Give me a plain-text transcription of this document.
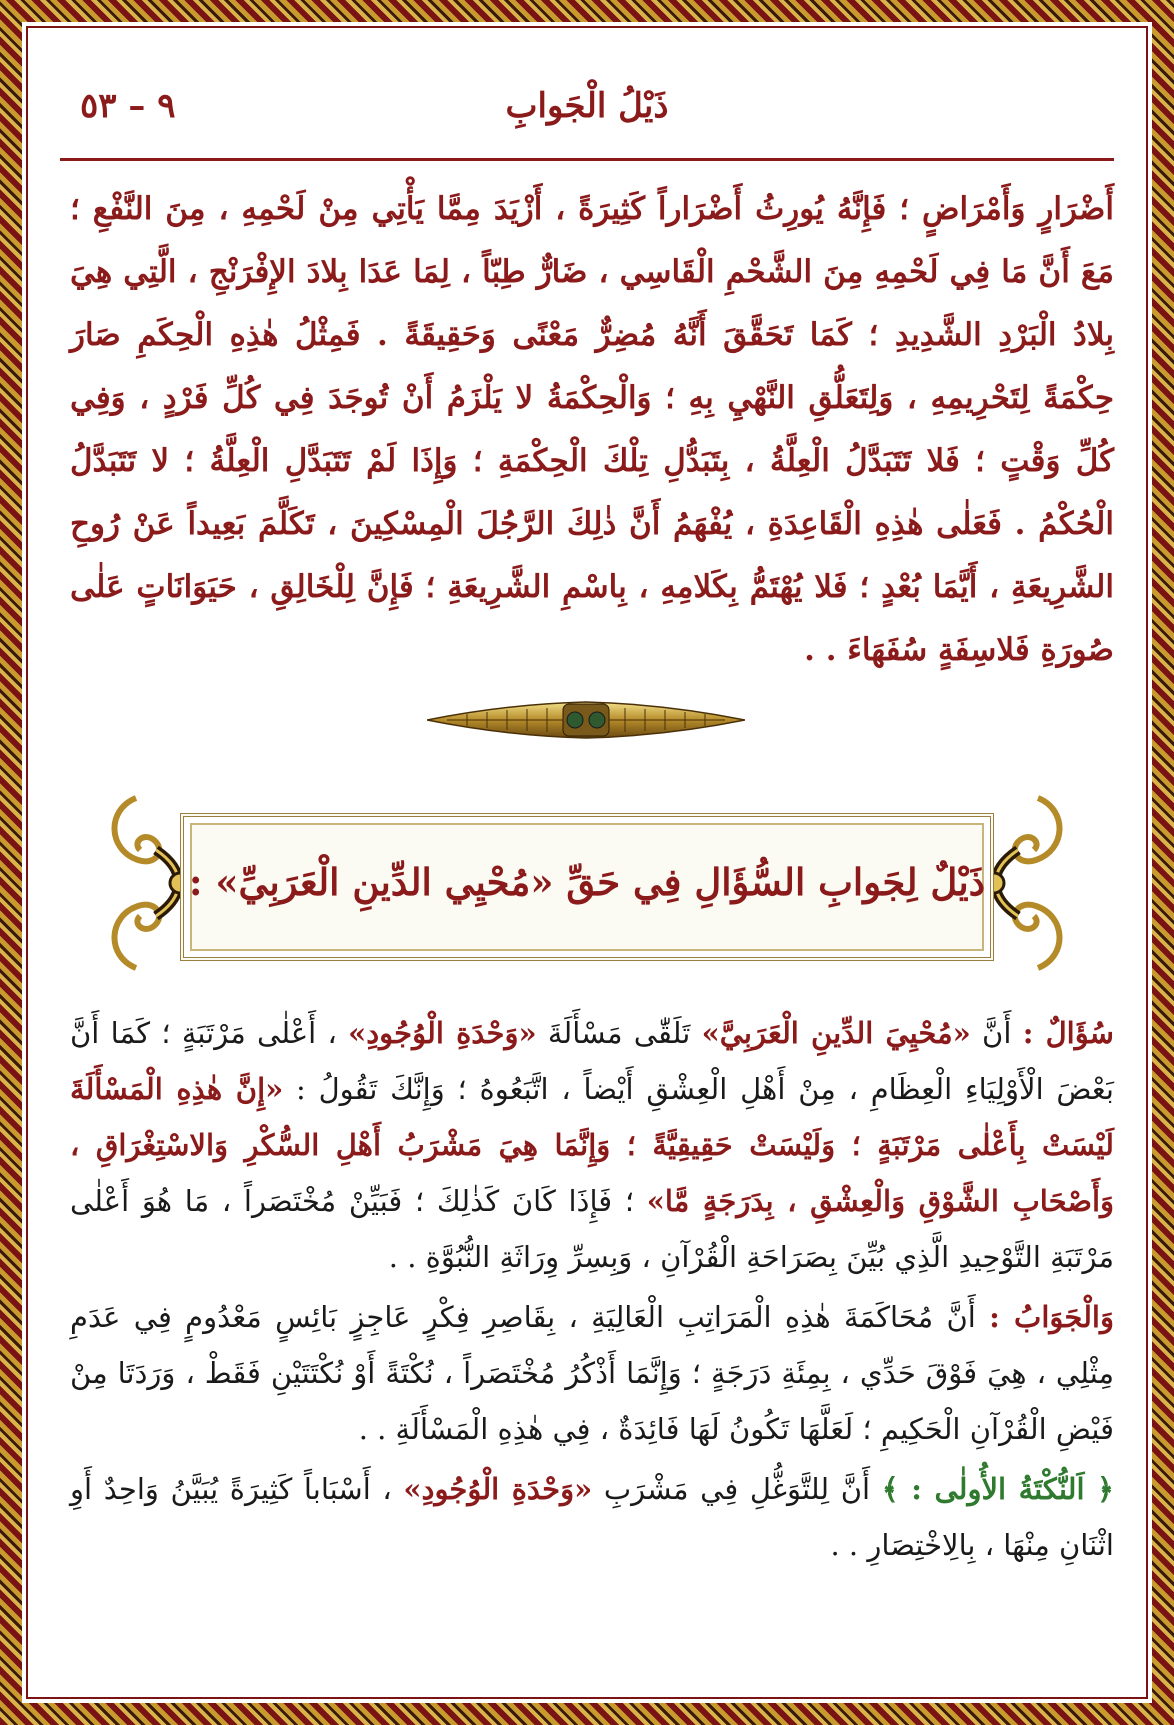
ذَيْلُ الْجَوابِ
٩ – ٥٣
أَضْرَارٍ وَأَمْرَاضٍ ؛ فَإِنَّهُ يُورِثُ أَضْرَاراً كَثِيرَةً ، أَزْيَدَ مِمَّا يَأْتِي مِنْ لَحْمِهِ ، مِنَ النَّفْعِ ؛ مَعَ أَنَّ مَا فِي لَحْمِهِ مِنَ الشَّحْمِ الْقَاسِي ، ضَارٌّ طِبّاً ، لِمَا عَدَا بِلادَ الإِفْرَنْجِ ، الَّتِي هِيَ بِلادُ الْبَرْدِ الشَّدِيدِ ؛ كَمَا تَحَقَّقَ أَنَّهُ مُضِرٌّ مَعْنًى وَحَقِيقَةً . فَمِثْلُ هٰذِهِ الْحِكَمِ صَارَ حِكْمَةً لِتَحْرِيمِهِ ، وَلِتَعَلُّقِ النَّهْيِ بِهِ ؛ وَالْحِكْمَةُ لا يَلْزَمُ أَنْ تُوجَدَ فِي كُلِّ فَرْدٍ ، وَفِي كُلِّ وَقْتٍ ؛ فَلا تَتَبَدَّلُ الْعِلَّةُ ، بِتَبَدُّلِ تِلْكَ الْحِكْمَةِ ؛ وَإِذَا لَمْ تَتَبَدَّلِ الْعِلَّةُ ؛ لا تَتَبَدَّلُ الْحُكْمُ . فَعَلٰى هٰذِهِ الْقَاعِدَةِ ، يُفْهَمُ أَنَّ ذٰلِكَ الرَّجُلَ الْمِسْكِينَ ، تَكَلَّمَ بَعِيداً عَنْ رُوحِ الشَّرِيعَةِ ، أَيَّمَا بُعْدٍ ؛ فَلا يُهْتَمُّ بِكَلامِهِ ، بِاسْمِ الشَّرِيعَةِ ؛ فَإِنَّ لِلْخَالِقِ ، حَيَوَانَاتٍ عَلٰى صُورَةِ فَلاسِفَةٍ سُفَهَاءَ . .
ذَيْلٌ لِجَوابِ السُّؤَالِ فِي حَقِّ «مُحْيِي الدِّينِ الْعَرَبِيِّ» :

سُؤَالٌ : أَنَّ «مُحْيِيَ الدِّينِ الْعَرَبِيَّ» تَلَقّٰى مَسْأَلَةَ «وَحْدَةِ الْوُجُودِ» ، أَعْلٰى مَرْتَبَةٍ ؛ كَمَا أَنَّ بَعْضَ الْأَوْلِيَاءِ الْعِظَامِ ، مِنْ أَهْلِ الْعِشْقِ أَيْضاً ، اتَّبَعُوهُ ؛ وَإِنَّكَ تَقُولُ : «إِنَّ هٰذِهِ الْمَسْأَلَةَ لَيْسَتْ بِأَعْلٰى مَرْتَبَةٍ ؛ وَلَيْسَتْ حَقِيقِيَّةً ؛ وَإِنَّمَا هِيَ مَشْرَبُ أَهْلِ السُّكْرِ وَالاسْتِغْرَاقِ ، وَأَصْحَابِ الشَّوْقِ وَالْعِشْقِ ، بِدَرَجَةٍ مَّا» ؛ فَإِذَا كَانَ كَذٰلِكَ ؛ فَبَيِّنْ مُخْتَصَراً ، مَا هُوَ أَعْلٰى مَرْتَبَةِ التَّوْحِيدِ الَّذِي بُيِّنَ بِصَرَاحَةِ الْقُرْآنِ ، وَبِسِرِّ وِرَاثَةِ النُّبُوَّةِ . .

وَالْجَوَابُ : أَنَّ مُحَاكَمَةَ هٰذِهِ الْمَرَاتِبِ الْعَالِيَةِ ، بِقَاصِرِ فِكْرٍ عَاجِزٍ بَائِسٍ مَعْدُومٍ فِي عَدَمِ مِثْلِي ، هِيَ فَوْقَ حَدِّي ، بِمِئَةِ دَرَجَةٍ ؛ وَإِنَّمَا أَذْكُرُ مُخْتَصَراً ، نُكْتَةً أَوْ نُكْتَتَيْنِ فَقَطْ ، وَرَدَتَا مِنْ فَيْضِ الْقُرْآنِ الْحَكِيمِ ؛ لَعَلَّهَا تَكُونُ لَهَا فَائِدَةٌ ، فِي هٰذِهِ الْمَسْأَلَةِ . .

﴿ اَلنُّكْتَةُ الأُولٰى : ﴾ أَنَّ لِلتَّوَغُّلِ فِي مَشْرَبِ «وَحْدَةِ الْوُجُودِ» ، أَسْبَاباً كَثِيرَةً يُبَيَّنُ وَاحِدٌ أَوِ اثْنَانِ مِنْهَا ، بِالِاخْتِصَارِ . .
